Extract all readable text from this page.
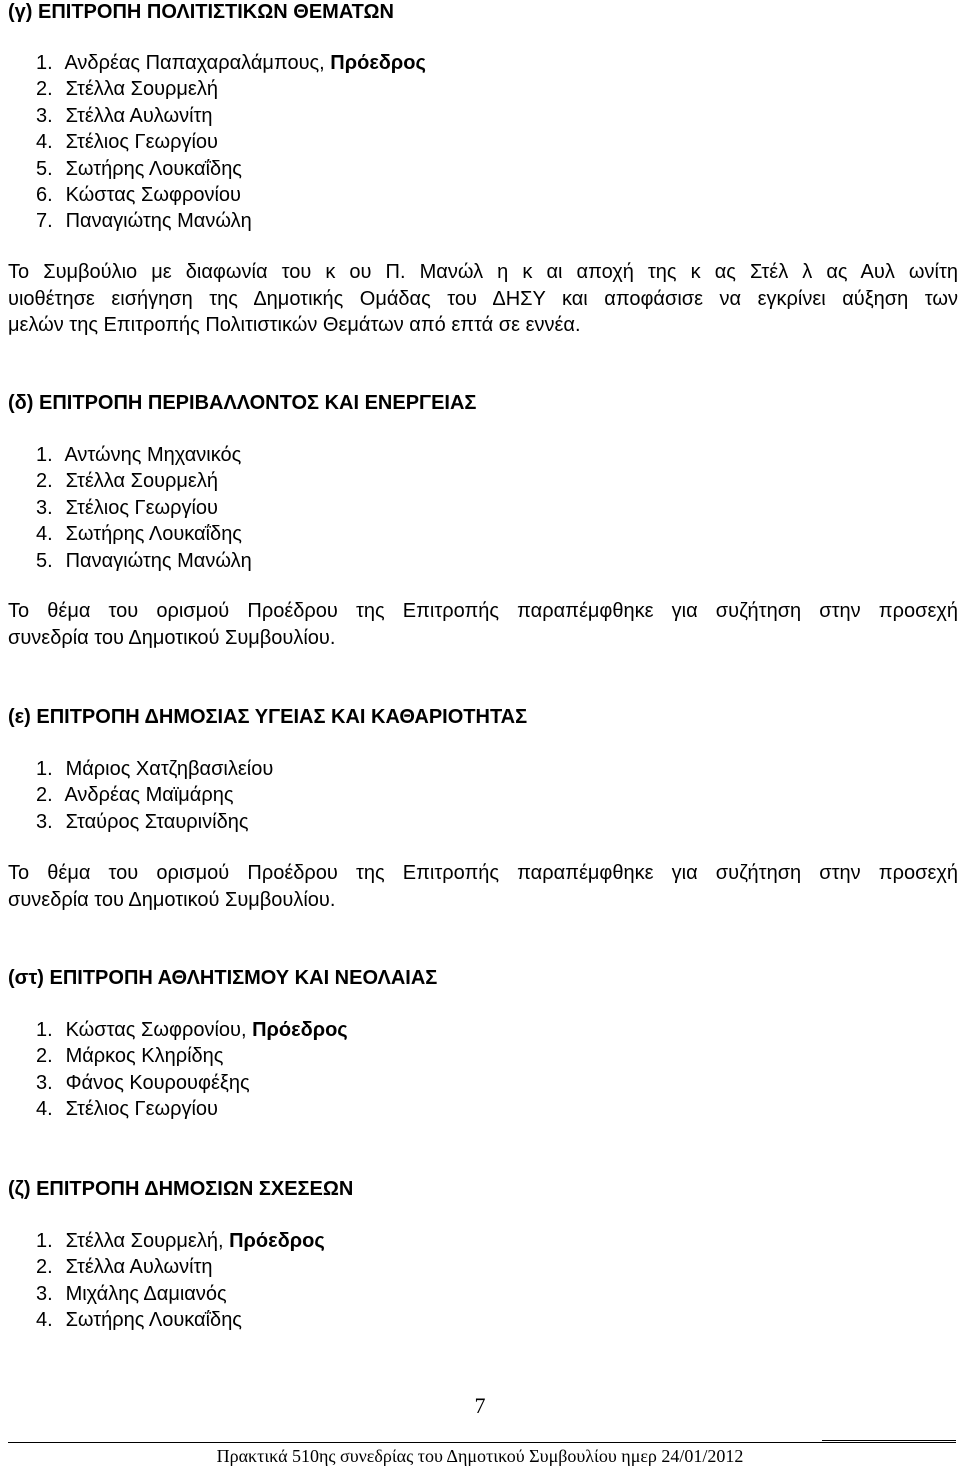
(γ) ΕΠΙΤΡΟΠΗ ΠΟΛΙΤΙΣΤΙΚΩΝ ΘΕΜΑΤΩΝ
1. Ανδρέας Παπαχαραλάμπους, Πρόεδρος
2. Στέλλα Σουρμελή
3. Στέλλα Αυλωνίτη
4. Στέλιος Γεωργίου
5. Σωτήρης Λουκαΐδης
6. Κώστας Σωφρονίου
7. Παναγιώτης Μανώλη
Το Συμβούλιο με διαφωνία του κ ου Π. Μανώλ η κ αι αποχή της κ ας Στέλ λ ας Αυλ ωνίτη
υιοθέτησε εισήγηση της Δημοτικής Ομάδας του ΔΗΣΥ και αποφάσισε να εγκρίνει αύξηση των
μελών της Επιτροπής Πολιτιστικών Θεμάτων από επτά σε εννέα.
(δ) ΕΠΙΤΡΟΠΗ ΠΕΡΙΒΑΛΛΟΝΤΟΣ ΚΑΙ ΕΝΕΡΓΕΙΑΣ
1. Αντώνης Μηχανικός
2. Στέλλα Σουρμελή
3. Στέλιος Γεωργίου
4. Σωτήρης Λουκαΐδης
5. Παναγιώτης Μανώλη
Το θέμα του ορισμού Προέδρου της Επιτροπής παραπέμφθηκε για συζήτηση στην προσεχή
συνεδρία του Δημοτικού Συμβουλίου.
(ε) ΕΠΙΤΡΟΠΗ ΔΗΜΟΣΙΑΣ ΥΓΕΙΑΣ ΚΑΙ ΚΑΘΑΡΙΟΤΗΤΑΣ
1. Μάριος Χατζηβασιλείου
2. Ανδρέας Μαϊμάρης
3. Σταύρος Σταυρινίδης
Το θέμα του ορισμού Προέδρου της Επιτροπής παραπέμφθηκε για συζήτηση στην προσεχή
συνεδρία του Δημοτικού Συμβουλίου.
(στ) ΕΠΙΤΡΟΠΗ ΑΘΛΗΤΙΣΜΟΥ ΚΑΙ ΝΕΟΛΑΙΑΣ
1. Κώστας Σωφρονίου, Πρόεδρος
2. Μάρκος Κληρίδης
3. Φάνος Κουρουφέξης
4. Στέλιος Γεωργίου
(ζ) ΕΠΙΤΡΟΠΗ ΔΗΜΟΣΙΩΝ ΣΧΕΣΕΩΝ
1. Στέλλα Σουρμελή, Πρόεδρος
2. Στέλλα Αυλωνίτη
3. Μιχάλης Δαμιανός
4. Σωτήρης Λουκαΐδης
7
Πρακτικά 510ης συνεδρίας του Δημοτικού Συμβουλίου ημερ 24/01/2012
